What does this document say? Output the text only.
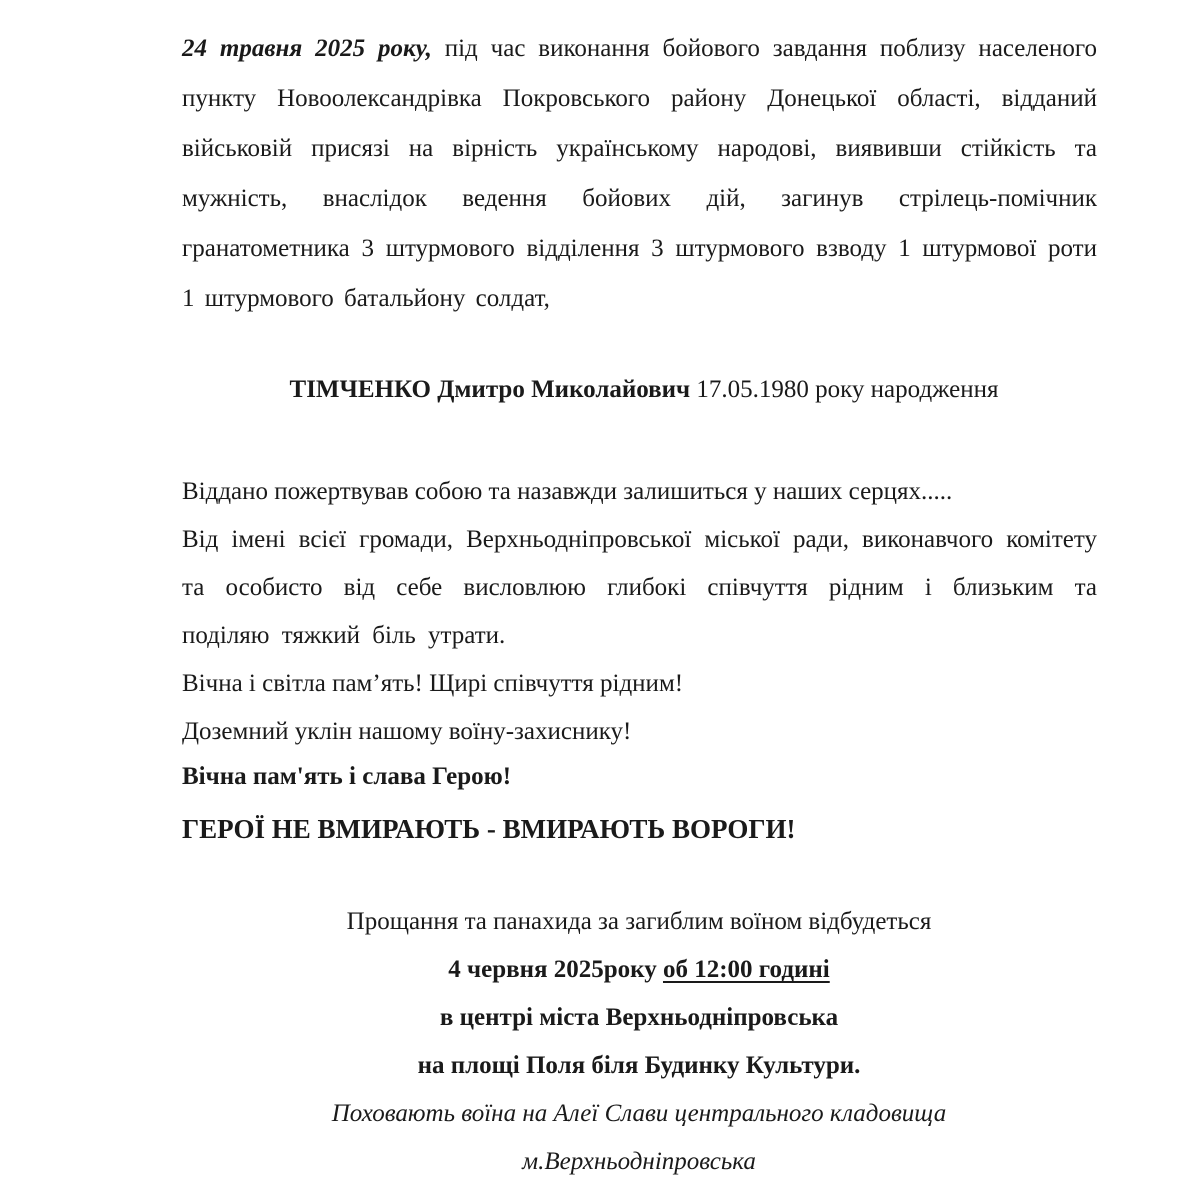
24 травня 2025 року, під час виконання бойового завдання поблизу населеного пункту Новоолександрівка Покровського району Донецької області, відданий військовій присязі на вірність українському народові, виявивши стійкість та мужність, внаслідок ведення бойових дій, загинув стрілець-помічник гранатометника 3 штурмового відділення 3 штурмового взводу 1 штурмової роти 1 штурмового батальйону солдат,

ТІМЧЕНКО Дмитро Миколайович 17.05.1980 року народження

Віддано пожертвував собою та назавжди залишиться у наших серцях.....

Від імені всієї громади, Верхньодніпровської міської ради, виконавчого комітету та особисто від себе висловлюю глибокі співчуття рідним і близьким та поділяю тяжкий біль утрати.

Вічна і світла пам’ять! Щирі співчуття рідним!

Доземний уклін нашому воїну-захиснику!

Вічна пам'ять і слава Герою!

ГЕРОЇ НЕ ВМИРАЮТЬ - ВМИРАЮТЬ ВОРОГИ!

Прощання та панахида за загиблим воїном відбудеться

4 червня 2025року об 12:00 годині

в центрі міста Верхньодніпровська

на площі Поля біля Будинку Культури.

Поховають воїна на Алеї Слави центрального кладовища

м.Верхньодніпровська
